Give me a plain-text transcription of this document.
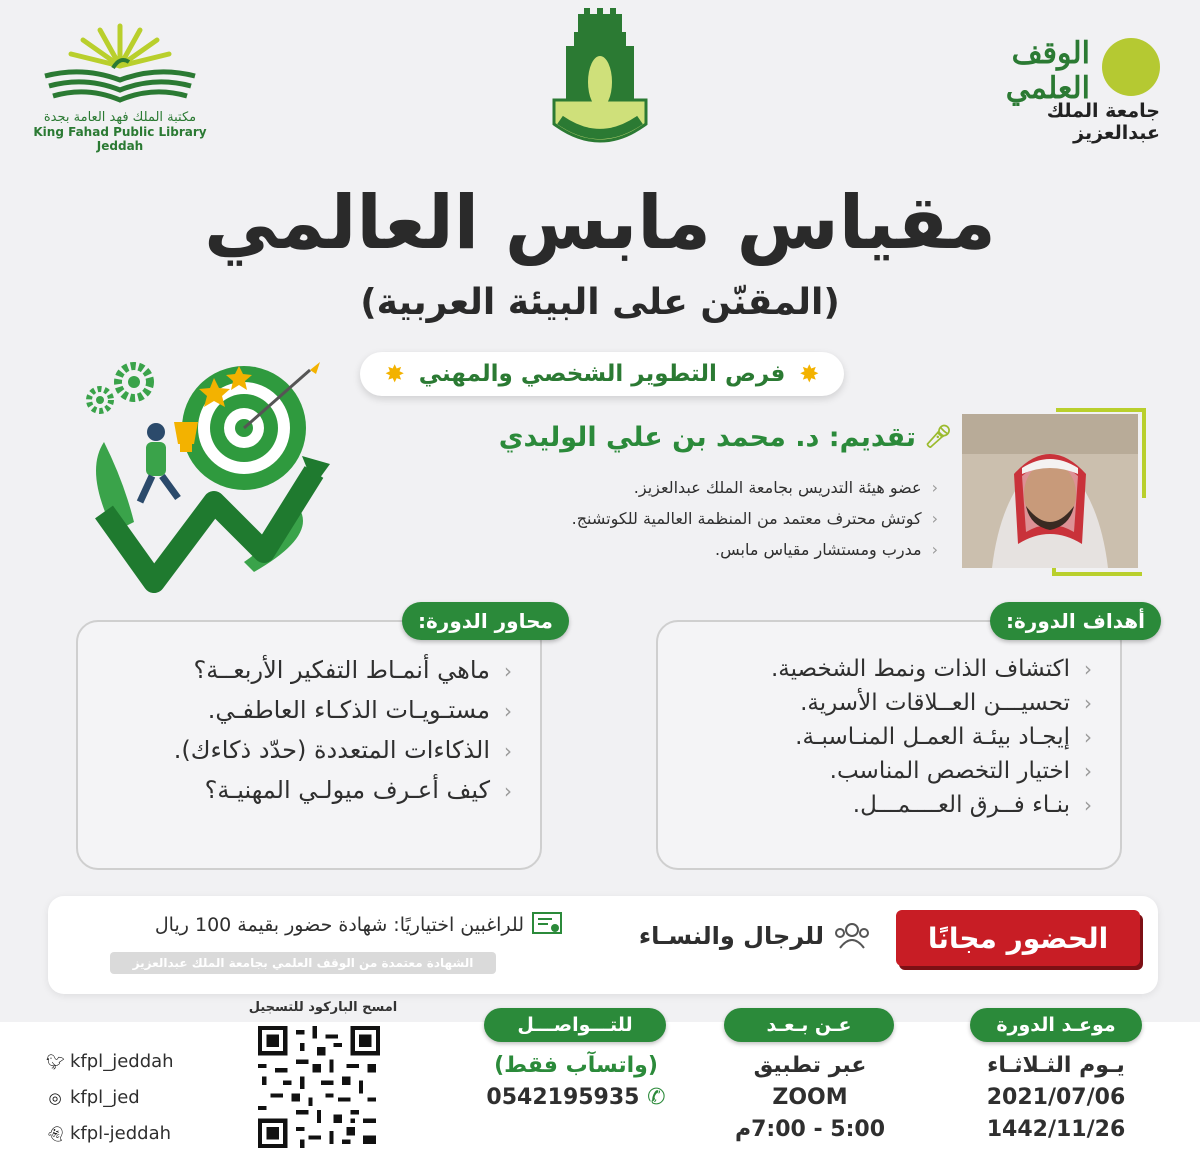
مكتبة الملك فهد العامة بجدة
King Fahad Public Library Jeddah
الوقف العلمي
جامعة الملك عبدالعزيز
مقياس مابس العالمي
(المقنّن على البيئة العربية)
✸
فرص التطوير الشخصي والمهني
✸
🎤︎
تقديم: د. محمد بن علي الوليدي
‹ عضو هيئة التدريس بجامعة الملك عبدالعزيز.
‹ كوتش محترف معتمد من المنظمة العالمية للكوتشنج.
‹ مدرب ومستشار مقياس مابس.
‹ اكتشاف الذات ونمط الشخصية.
‹ تحسيـــن العــلاقات الأسرية.
‹ إيجـاد بيئـة العمـل المنـاسبـة.
‹ اختيار التخصص المناسب.
‹ بنـاء فــرق العــــمـــل.
أهداف الدورة:
‹ ماهي أنمـاط التفكير الأربعــة؟
‹ مستـويـات الذكـاء العاطفـي.
‹ الذكاءات المتعددة (حدّد ذكاءك).
‹ كيف أعـرف ميولـي المهنيـة؟
محاور الدورة:
الحضور مجانًا
للرجال والنسـاء
للراغبين اختياريًا: شهادة حضور بقيمة 100 ريال
الشهادة معتمدة من الوقف العلمي بجامعة الملك عبدالعزيز
موعـد الدورة
عـن بـعـد
للتـــواصـــل
يـوم الثـلاثـاء
2021/07/06
1442/11/26
عبر تطبيق
ZOOM
5:00 - 7:00م
(واتسآب فقط)
0542195935 ✆
امسح الباركود للتسجيل
🐦︎ kfpl_jeddah
◎ kfpl_jed
👻︎ kfpl-jeddah
